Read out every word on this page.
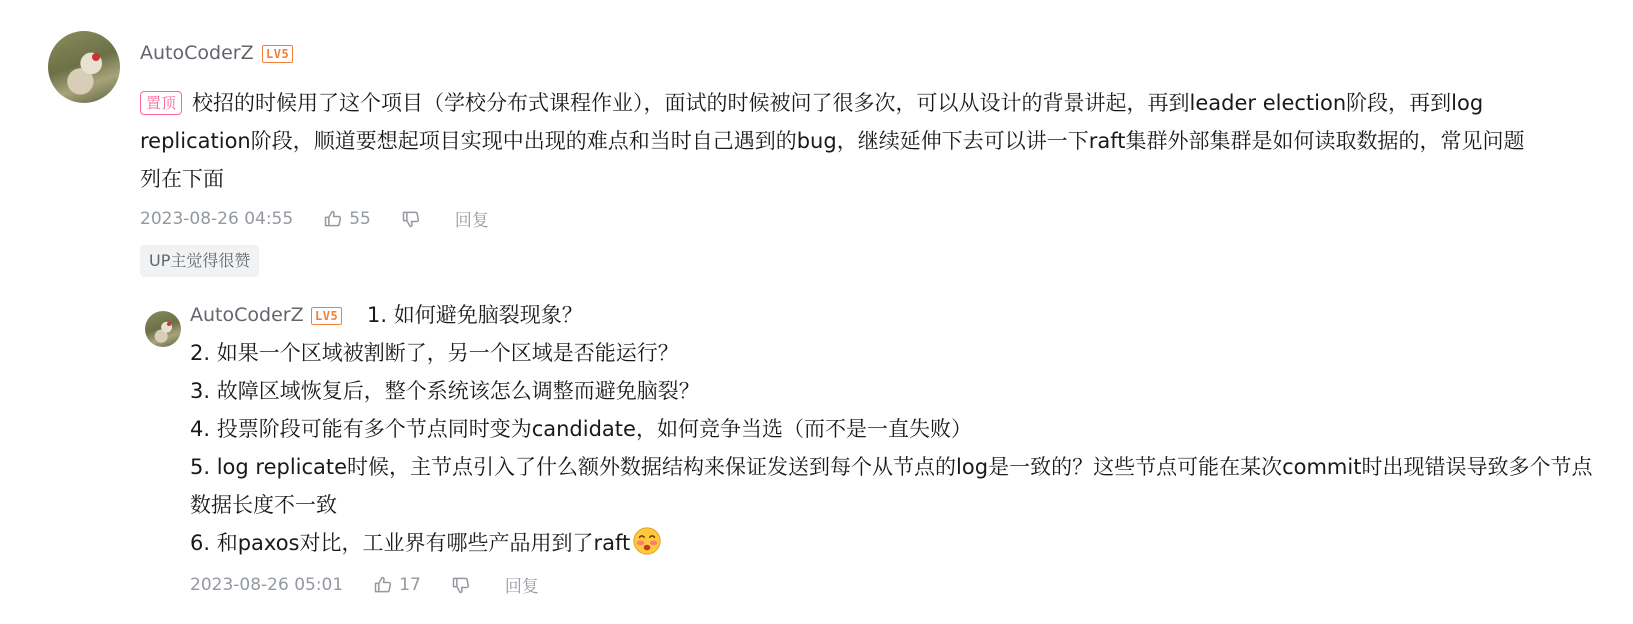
AutoCoderZ	LV5
置顶 校招的时候用了这个项目（学校分布式课程作业），面试的时候被问了很多次，可以从设计的背景讲起，再到leader election阶段，再到log replication阶段，顺道要想起项目实现中出现的难点和当时自己遇到的bug，继续延伸下去可以讲一下raft集群外部集群是如何读取数据的，常见问题列在下面
2023-08-26 04:55	55	回复
UP主觉得很赞
AutoCoderZ LV5 1. 如何避免脑裂现象？
2. 如果一个区域被割断了，另一个区域是否能运行？
3. 故障区域恢复后，整个系统该怎么调整而避免脑裂？
4. 投票阶段可能有多个节点同时变为candidate，如何竞争当选（而不是一直失败）
5. log replicate时候，主节点引入了什么额外数据结构来保证发送到每个从节点的log是一致的？这些节点可能在某次commit时出现错误导致多个节点数据长度不一致
6. 和paxos对比，工业界有哪些产品用到了raft
2023-08-26 05:01	17	回复
